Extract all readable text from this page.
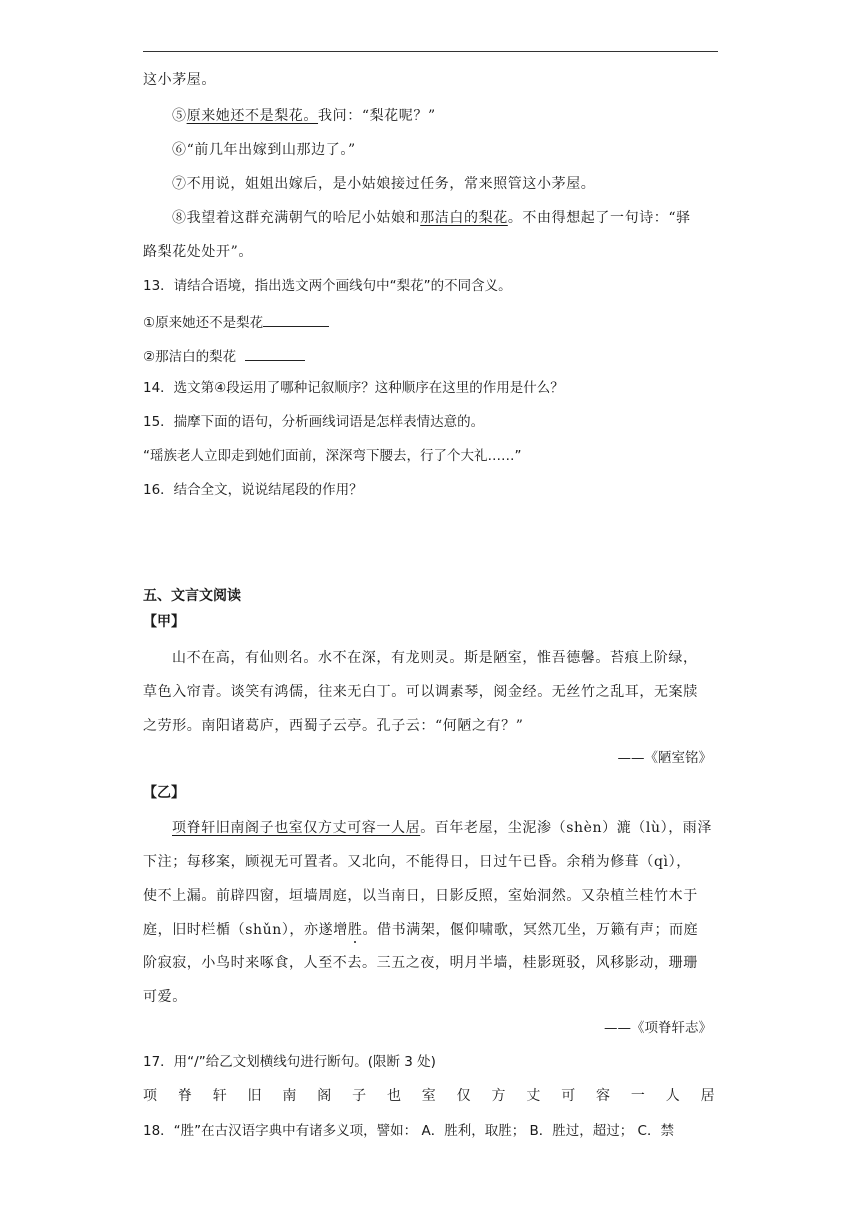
这小茅屋。
⑤原来她还不是梨花。我问：“梨花呢？”
⑥“前几年出嫁到山那边了。”
⑦不用说，姐姐出嫁后，是小姑娘接过任务，常来照管这小茅屋。
⑧我望着这群充满朝气的哈尼小姑娘和那洁白的梨花。不由得想起了一句诗：“驿
路梨花处处开”。
13．请结合语境，指出选文两个画线句中“梨花”的不同含义。
①原来她还不是梨花
②那洁白的梨花
14．选文第④段运用了哪种记叙顺序？这种顺序在这里的作用是什么？
15．揣摩下面的语句，分析画线词语是怎样表情达意的。
“瑶族老人立即走到她们面前，深深弯下腰去，行了个大礼……”
16．结合全文，说说结尾段的作用？
五、文言文阅读
【甲】
山不在高，有仙则名。水不在深，有龙则灵。斯是陋室，惟吾德馨。苔痕上阶绿，
草色入帘青。谈笑有鸿儒，往来无白丁。可以调素琴，阅金经。无丝竹之乱耳，无案牍
之劳形。南阳诸葛庐，西蜀子云亭。孔子云：“何陋之有？”
——《陋室铭》
【乙】
项脊轩旧南阁子也室仅方丈可容一人居。百年老屋，尘泥渗（shèn）漉（lù），雨泽
下注；每移案，顾视无可置者。又北向，不能得日，日过午已昏。余稍为修葺（qì），
使不上漏。前辟四窗，垣墙周庭，以当南日，日影反照，室始洞然。又杂植兰桂竹木于
庭，旧时栏楯（shǔn），亦遂增胜。借书满架，偃仰啸歌，冥然兀坐，万籁有声；而庭
阶寂寂，小鸟时来啄食，人至不去。三五之夜，明月半墙，桂影斑驳，风移影动，珊珊
可爱。
——《项脊轩志》
17．用“/”给乙文划横线句进行断句。(限断 3 处)
项 脊 轩 旧 南 阁 子 也 室 仅 方 丈 可 容 一 人 居
18．“胜”在古汉语字典中有诸多义项，譬如： A．胜利，取胜； B．胜过，超过； C．禁
